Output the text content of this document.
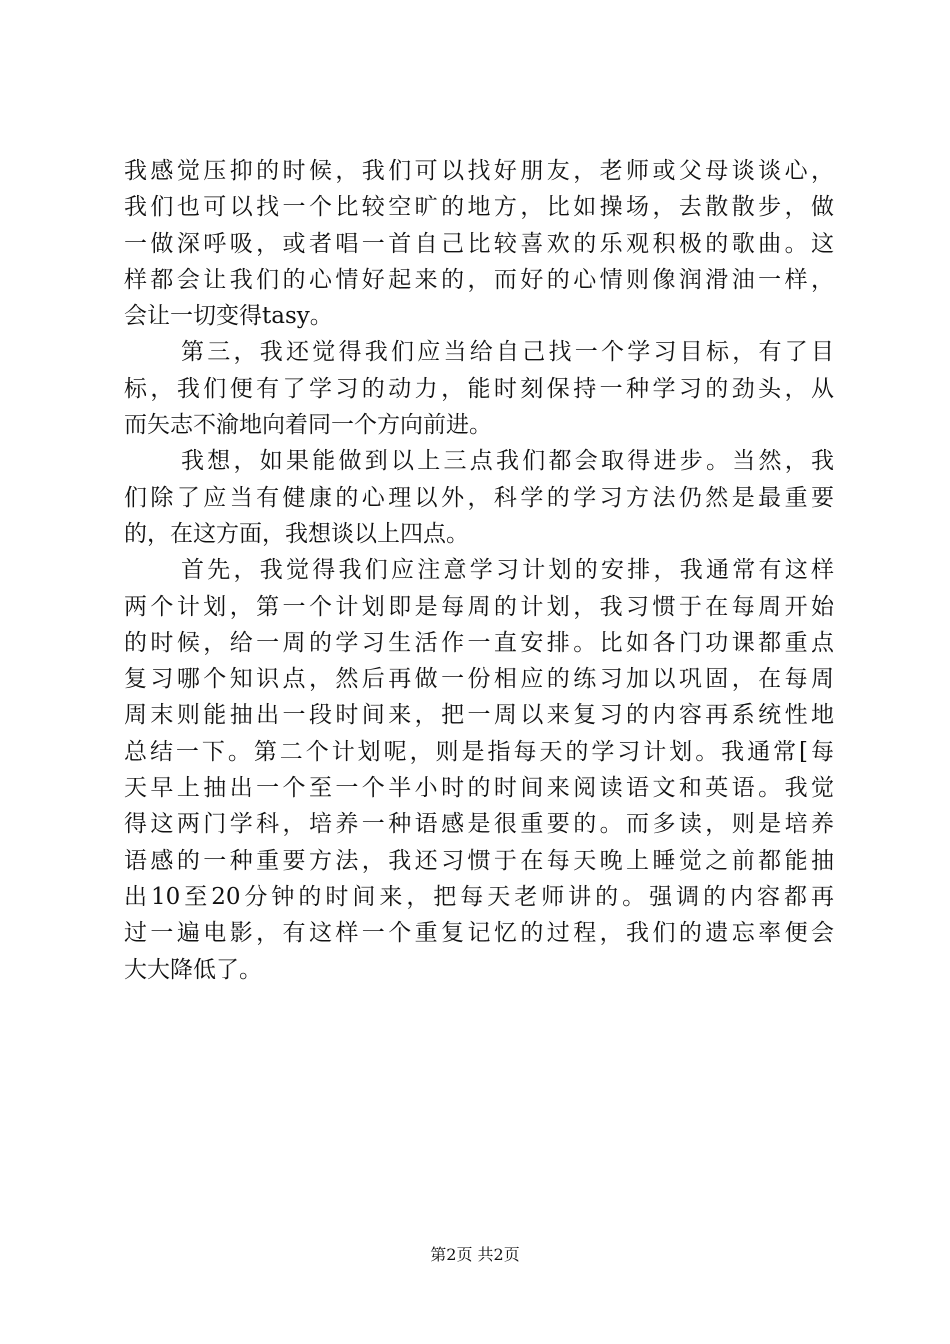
我感觉压抑的时候，我们可以找好朋友，老师或父母谈谈心，
我们也可以找一个比较空旷的地方，比如操场，去散散步，做
一做深呼吸，或者唱一首自己比较喜欢的乐观积极的歌曲。这
样都会让我们的心情好起来的，而好的心情则像润滑油一样，
会让一切变得tasy。
第三，我还觉得我们应当给自己找一个学习目标，有了目
标，我们便有了学习的动力，能时刻保持一种学习的劲头，从
而矢志不渝地向着同一个方向前进。
我想，如果能做到以上三点我们都会取得进步。当然，我
们除了应当有健康的心理以外，科学的学习方法仍然是最重要
的，在这方面，我想谈以上四点。
首先，我觉得我们应注意学习计划的安排，我通常有这样
两个计划，第一个计划即是每周的计划，我习惯于在每周开始
的时候，给一周的学习生活作一直安排。比如各门功课都重点
复习哪个知识点，然后再做一份相应的练习加以巩固，在每周
周末则能抽出一段时间来，把一周以来复习的内容再系统性地
总结一下。第二个计划呢，则是指每天的学习计划。我通常[每
天早上抽出一个至一个半小时的时间来阅读语文和英语。我觉
得这两门学科，培养一种语感是很重要的。而多读，则是培养
语感的一种重要方法，我还习惯于在每天晚上睡觉之前都能抽
出10至20分钟的时间来，把每天老师讲的。强调的内容都再
过一遍电影，有这样一个重复记忆的过程，我们的遗忘率便会
大大降低了。
第2页 共2页
